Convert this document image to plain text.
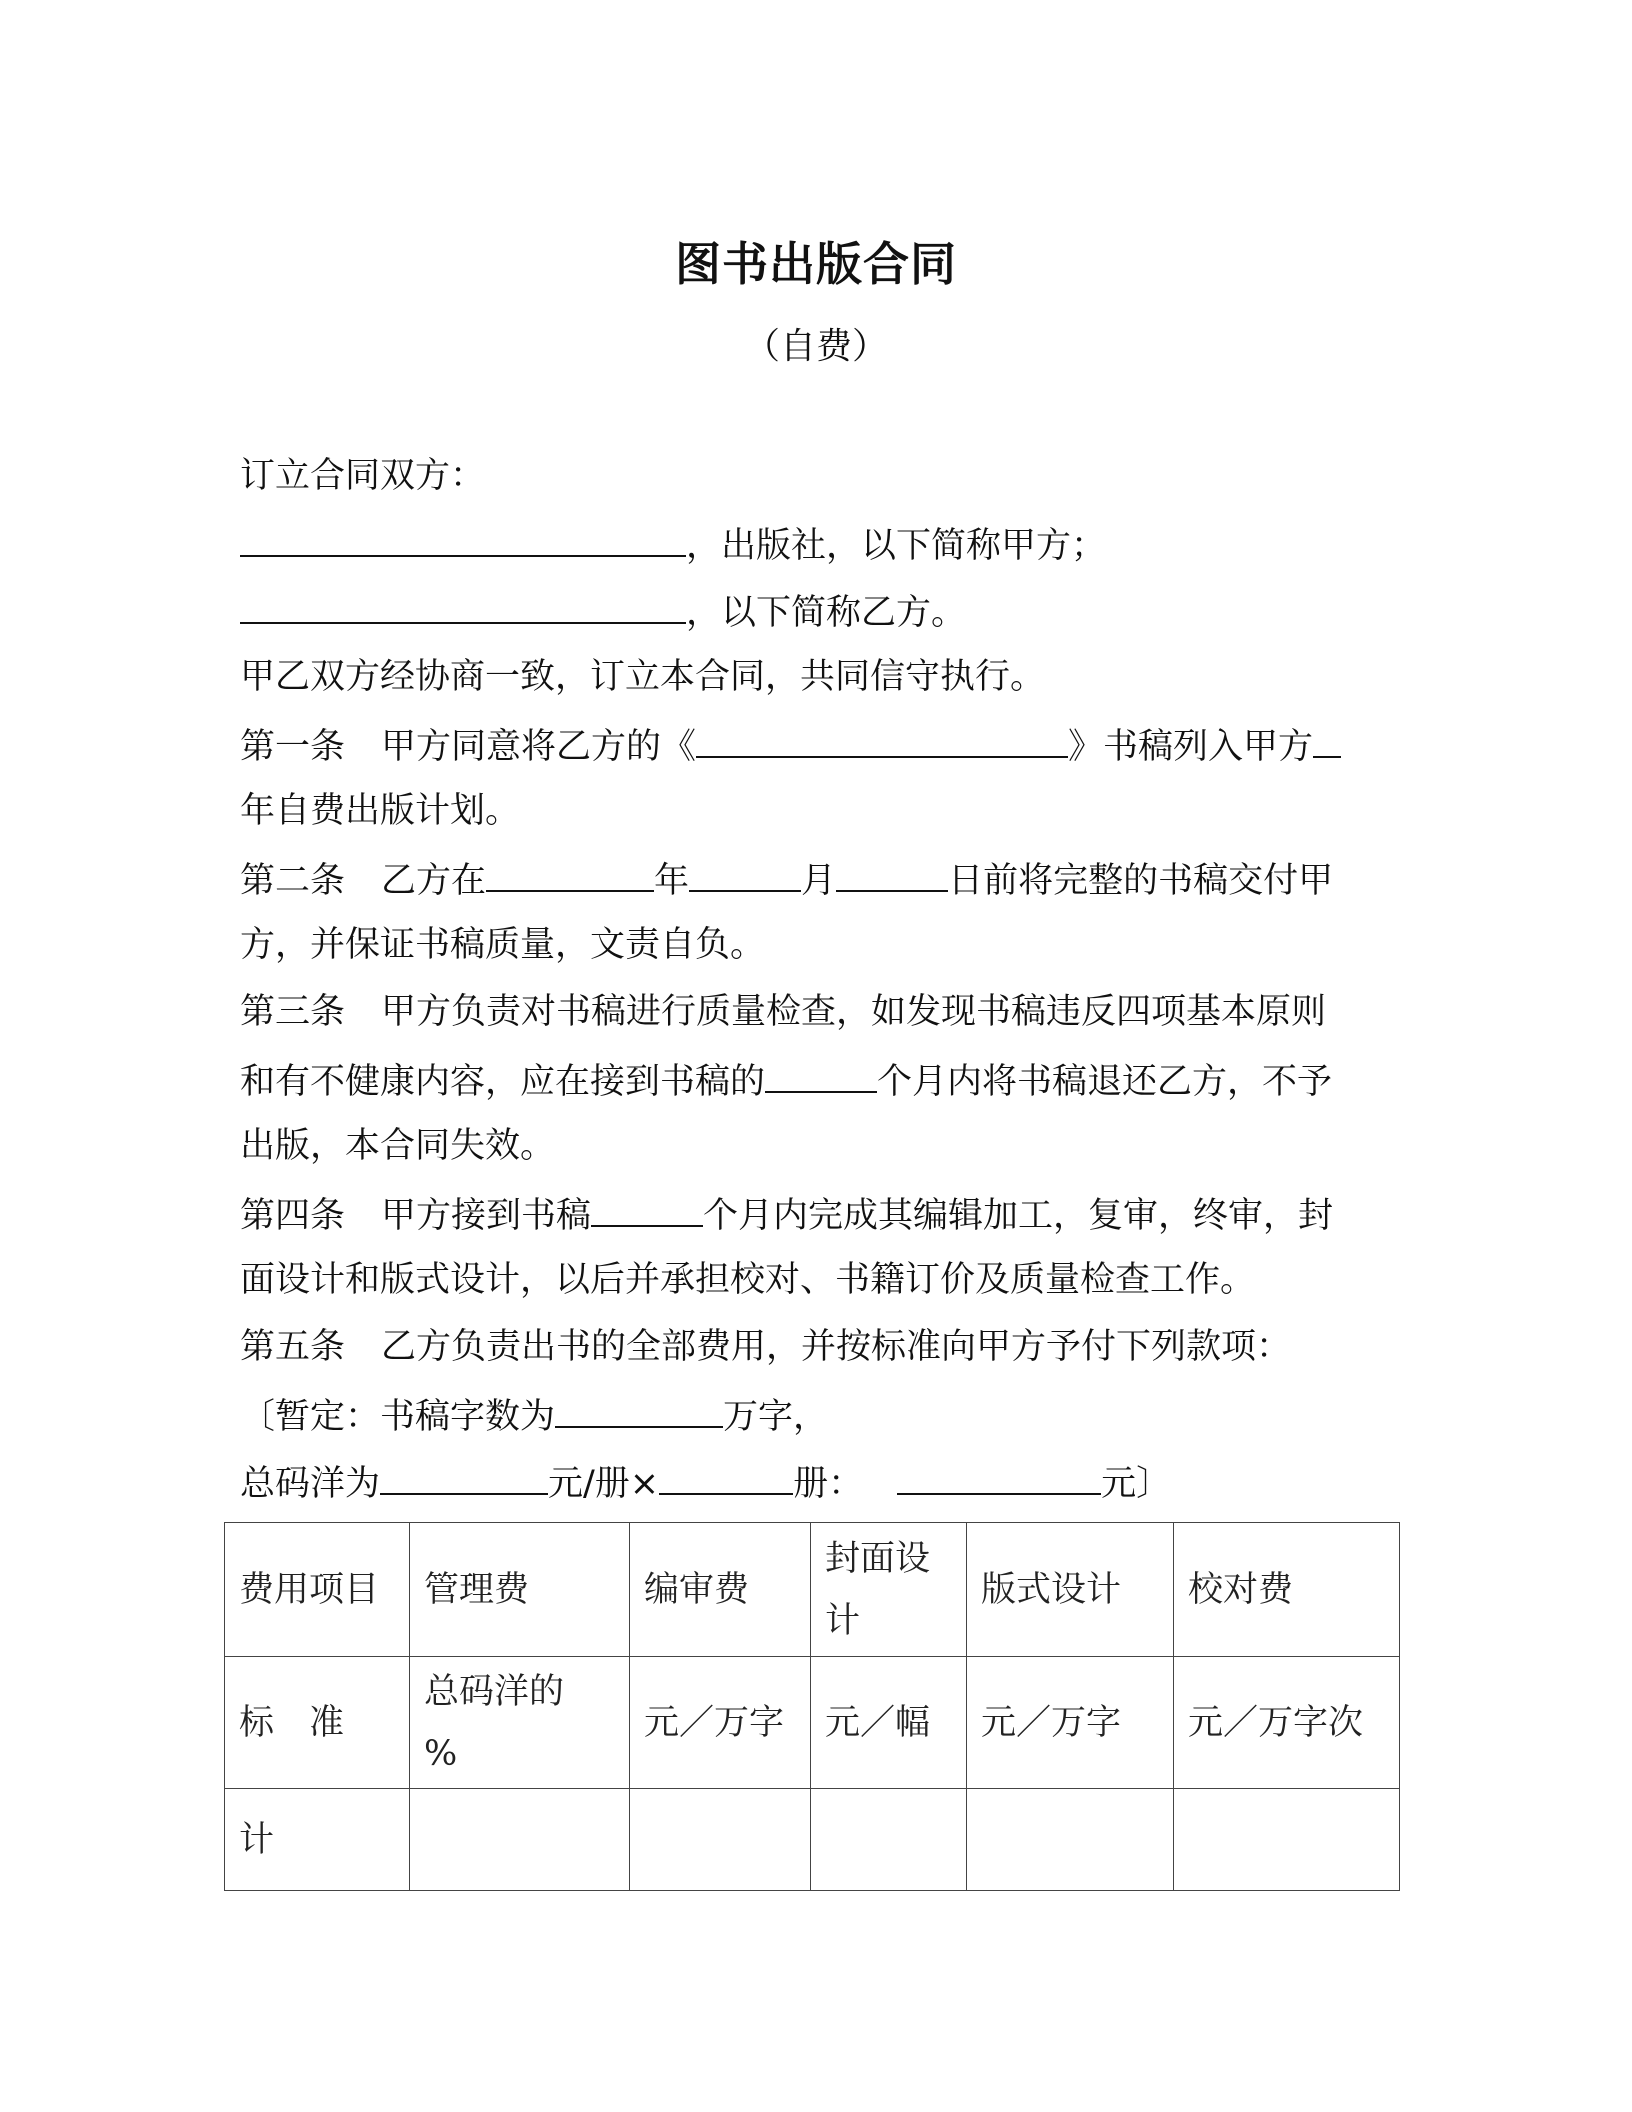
图书出版合同
（自费）
订立合同双方：
，出版社，以下简称甲方；
，以下简称乙方。
甲乙双方经协商一致，订立本合同，共同信守执行。
第一条 甲方同意将乙方的《	》书稿列入甲方
年自费出版计划。
第二条 乙方在	年	月	日前将完整的书稿交付甲
方，并保证书稿质量，文责自负。
第三条 甲方负责对书稿进行质量检查，如发现书稿违反四项基本原则
和有不健康内容，应在接到书稿的	个月内将书稿退还乙方，不予
出版，本合同失效。
第四条 甲方接到书稿	个月内完成其编辑加工，复审，终审，封
面设计和版式设计，以后并承担校对、书籍订价及质量检查工作。
第五条 乙方负责出书的全部费用，并按标准向甲方予付下列款项：
〔暂定：书稿字数为	万字，
总码洋为	元/册×	册：	元〕
费用项目	管理费	编审费	封面设计	版式设计	校对费
标　准	总码洋的　%	元／万字	元／幅	元／万字	元／万字次
计					
